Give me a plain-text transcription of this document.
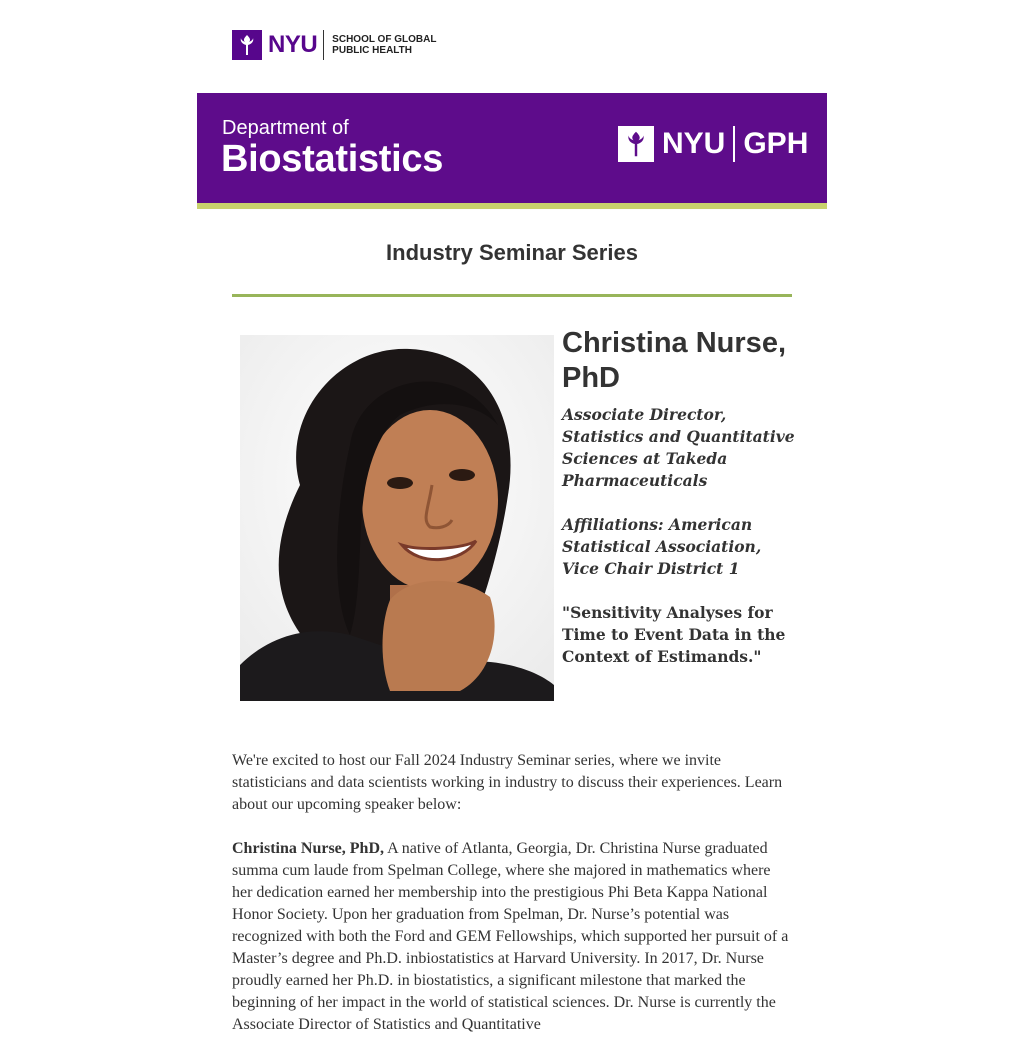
NYU SCHOOL OF GLOBAL
PUBLIC HEALTH
Department of
Biostatistics	NYU GPH
Industry Seminar Series
Christina Nurse, PhD

Associate Director, Statistics and Quantitative Sciences at Takeda Pharmaceuticals

Affiliations: American Statistical Association, Vice Chair District 1

"Sensitivity Analyses for Time to Event Data in the Context of Estimands."

We're excited to host our Fall 2024 Industry Seminar series, where we invite statisticians and data scientists working in industry to discuss their experiences. Learn about our upcoming speaker below:

Christina Nurse, PhD, A native of Atlanta, Georgia, Dr. Christina Nurse graduated summa cum laude from Spelman College, where she majored in mathematics where her dedication earned her membership into the prestigious Phi Beta Kappa National Honor Society. Upon her graduation from Spelman, Dr. Nurse’s potential was recognized with both the Ford and GEM Fellowships, which supported her pursuit of a Master’s degree and Ph.D. inbiostatistics at Harvard University. In 2017, Dr. Nurse proudly earned her Ph.D. in biostatistics, a significant milestone that marked the beginning of her impact in the world of statistical sciences. Dr. Nurse is currently the Associate Director of Statistics and Quantitative
